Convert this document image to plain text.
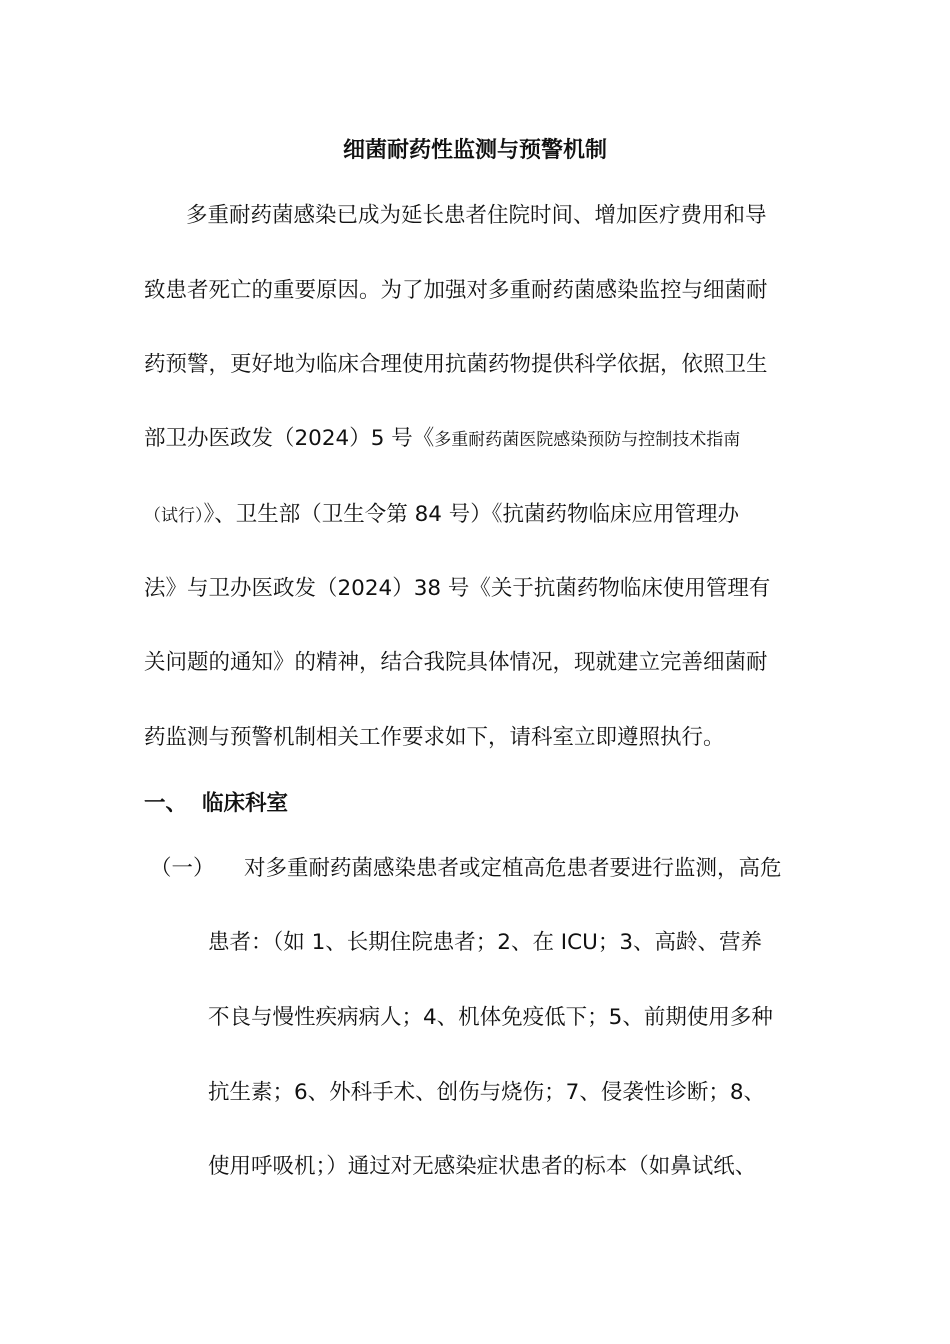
细菌耐药性监测与预警机制

多重耐药菌感染已成为延长患者住院时间、增加医疗费用和导

致患者死亡的重要原因。为了加强对多重耐药菌感染监控与细菌耐

药预警，更好地为临床合理使用抗菌药物提供科学依据，依照卫生

部卫办医政发（2024）5 号《多重耐药菌医院感染预防与控制技术指南

（试行）》、卫生部（卫生令第 84 号）《抗菌药物临床应用管理办

法》与卫办医政发（2024）38 号《关于抗菌药物临床使用管理有

关问题的通知》的精神，结合我院具体情况，现就建立完善细菌耐

药监测与预警机制相关工作要求如下，请科室立即遵照执行。

一、 临床科室

（一） 对多重耐药菌感染患者或定植高危患者要进行监测，高危

患者：（如 1、长期住院患者；2、在 ICU；3、高龄、营养

不良与慢性疾病病人；4、机体免疫低下；5、前期使用多种

抗生素；6、外科手术、创伤与烧伤；7、侵袭性诊断；8、

使用呼吸机；）通过对无感染症状患者的标本（如鼻试纸、
